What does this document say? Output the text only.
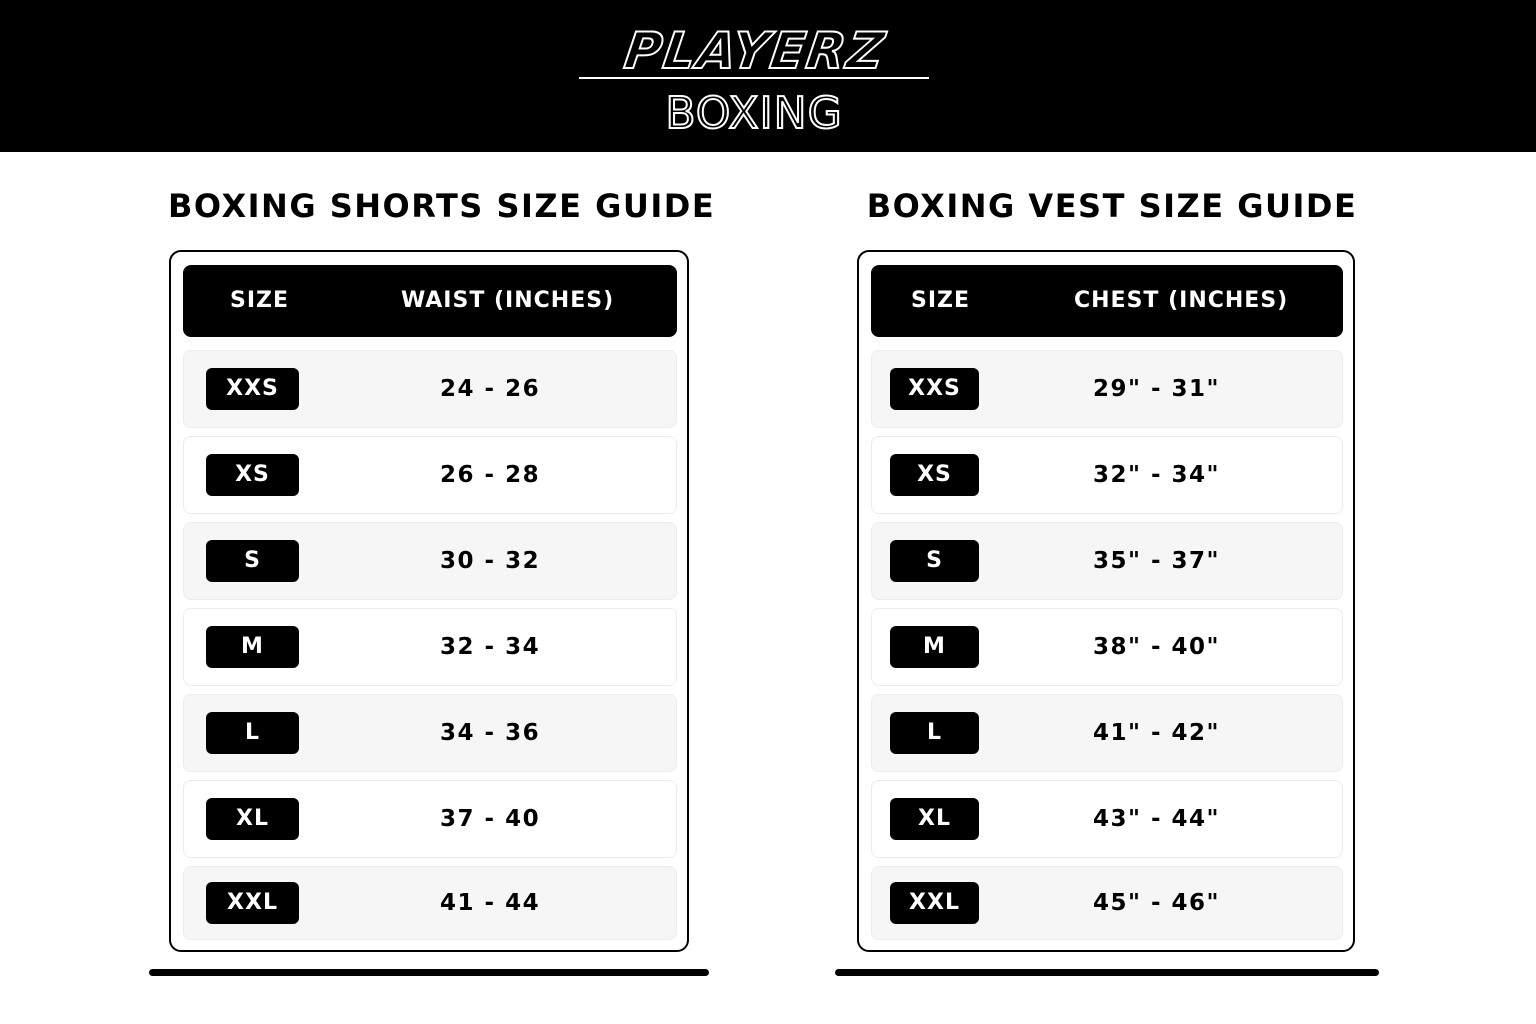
PLAYERZ
BOXING
BOXING SHORTS SIZE GUIDE
SIZE	WAIST (INCHES)
XXS	24 - 26
XS	26 - 28
S	30 - 32
M	32 - 34
L	34 - 36
XL	37 - 40
XXL	41 - 44
BOXING VEST SIZE GUIDE
SIZE	CHEST (INCHES)
XXS	29" - 31"
XS	32" - 34"
S	35" - 37"
M	38" - 40"
L	41" - 42"
XL	43" - 44"
XXL	45" - 46"
